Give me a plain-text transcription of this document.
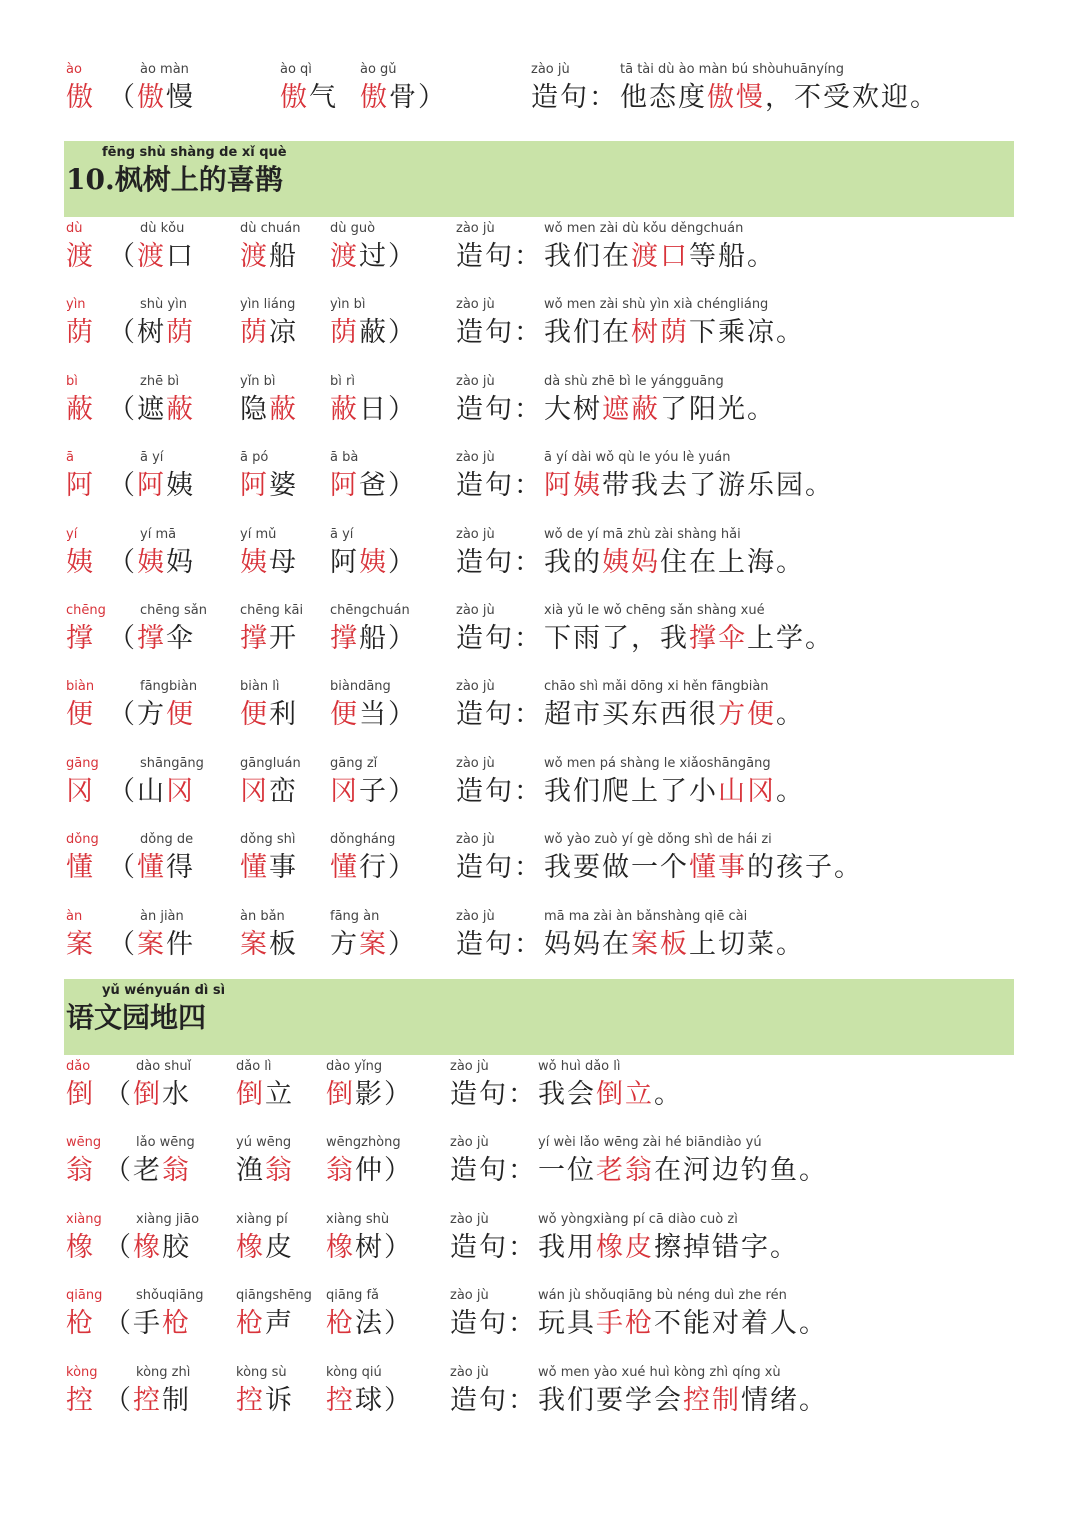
ào
傲
ào màn
（傲慢
ào qì
傲气
ào gǔ
傲骨）
zào jù
造句：
tā tài dù ào màn bú shòuhuānyíng
他态度傲慢，不受欢迎。
fēng shù shàng de xǐ què
10.枫树上的喜鹊
dù
渡
dù kǒu
（渡口
dù chuán
渡船
dù guò
渡过）
zào jù
造句：
wǒ men zài dù kǒu děngchuán
我们在渡口等船。
yìn
荫
shù yìn
（树荫
yìn liáng
荫凉
yìn bì
荫蔽）
zào jù
造句：
wǒ men zài shù yìn xià chéngliáng
我们在树荫下乘凉。
bì
蔽
zhē bì
（遮蔽
yǐn bì
隐蔽
bì rì
蔽日）
zào jù
造句：
dà shù zhē bì le yángguāng
大树遮蔽了阳光。
ā
阿
ā yí
（阿姨
ā pó
阿婆
ā bà
阿爸）
zào jù
造句：
ā yí dài wǒ qù le yóu lè yuán
阿姨带我去了游乐园。
yí
姨
yí mā
（姨妈
yí mǔ
姨母
ā yí
阿姨）
zào jù
造句：
wǒ de yí mā zhù zài shàng hǎi
我的姨妈住在上海。
chēng
撑
chēng sǎn
（撑伞
chēng kāi
撑开
chēngchuán
撑船）
zào jù
造句：
xià yǔ le wǒ chēng sǎn shàng xué
下雨了，我撑伞上学。
biàn
便
fāngbiàn
（方便
biàn lì
便利
biàndāng
便当）
zào jù
造句：
chāo shì mǎi dōng xi hěn fāngbiàn
超市买东西很方便。
gāng
冈
shāngāng
（山冈
gāngluán
冈峦
gāng zǐ
冈子）
zào jù
造句：
wǒ men pá shàng le xiǎoshāngāng
我们爬上了小山冈。
dǒng
懂
dǒng de
（懂得
dǒng shì
懂事
dǒngháng
懂行）
zào jù
造句：
wǒ yào zuò yí gè dǒng shì de hái zi
我要做一个懂事的孩子。
àn
案
àn jiàn
（案件
àn bǎn
案板
fāng àn
方案）
zào jù
造句：
mā ma zài àn bǎnshàng qiē cài
妈妈在案板上切菜。
yǔ wényuán dì sì
语文园地四
dǎo
倒
dào shuǐ
（倒水
dǎo lì
倒立
dào yǐng
倒影）
zào jù
造句：
wǒ huì dǎo lì
我会倒立。
wēng
翁
lǎo wēng
（老翁
yú wēng
渔翁
wēngzhòng
翁仲）
zào jù
造句：
yí wèi lǎo wēng zài hé biāndiào yú
一位老翁在河边钓鱼。
xiàng
橡
xiàng jiāo
（橡胶
xiàng pí
橡皮
xiàng shù
橡树）
zào jù
造句：
wǒ yòngxiàng pí cā diào cuò zì
我用橡皮擦掉错字。
qiāng
枪
shǒuqiāng
（手枪
qiāngshēng
枪声
qiāng fǎ
枪法）
zào jù
造句：
wán jù shǒuqiāng bù néng duì zhe rén
玩具手枪不能对着人。
kòng
控
kòng zhì
（控制
kòng sù
控诉
kòng qiú
控球）
zào jù
造句：
wǒ men yào xué huì kòng zhì qíng xù
我们要学会控制情绪。
